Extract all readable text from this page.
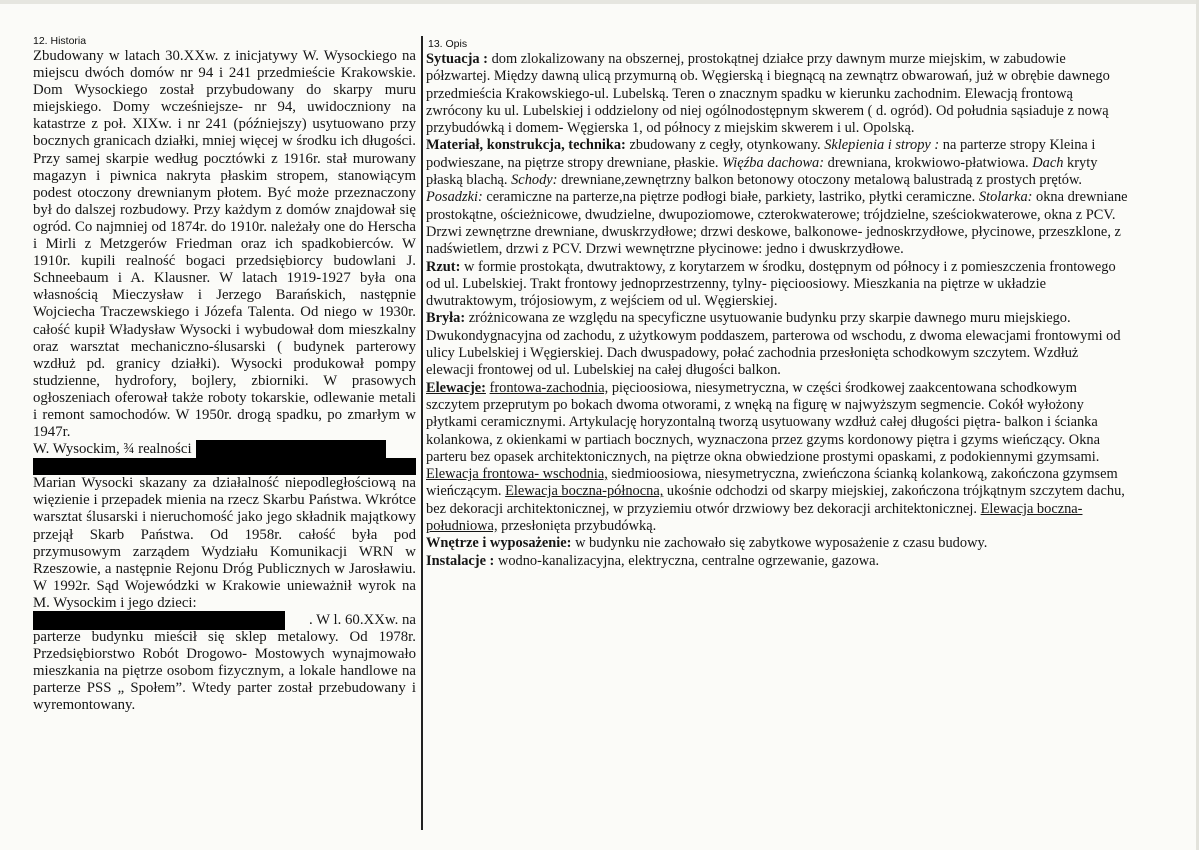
12. Historia	13. Opis

Zbudowany w latach 30.XXw. z inicjatywy W. Wysockiego na miejscu dwóch domów nr 94 i 241 przedmieście Krakowskie. Dom Wysockiego został przybudowany do skarpy muru miejskiego. Domy wcześniejsze- nr 94, uwidoczniony na katastrze z poł. XIXw. i nr 241 (późniejszy) usytuowano przy bocznych granicach działki, mniej więcej w środku ich długości. Przy samej skarpie według pocztówki z 1916r. stał murowany magazyn i piwnica nakryta płaskim stropem, stanowiącym podest otoczony drewnianym płotem. Być może przeznaczony był do dalszej rozbudowy. Przy każdym z domów znajdował się ogród. Co najmniej od 1874r. do 1910r. należały one do Herscha i Mirli z Metzgerów Friedman oraz ich spadkobierców. W 1910r. kupili realność bogaci przedsiębiorcy budowlani J. Schneebaum i A. Klausner. W latach 1919-1927 była ona własnością Mieczysław i Jerzego Barańskich, następnie Wojciecha Traczewskiego i Józefa Talenta. Od niego w 1930r. całość kupił Władysław Wysocki i wybudował dom mieszkalny oraz warsztat mechaniczno-ślusarski ( budynek parterowy wzdłuż pd. granicy działki). Wysocki produkował pompy studzienne, hydrofory, bojlery, zbiorniki. W prasowych ogłoszeniach oferował także roboty tokarskie, odlewanie metali i remont samochodów. W 1950r. drogą spadku, po zmarłym w 1947r.

W. Wysockim, ¾ realności

Marian Wysocki skazany za działalność niepodległościową na więzienie i przepadek mienia na rzecz Skarbu Państwa. Wkrótce warsztat ślusarski i nieruchomość jako jego składnik majątkowy przejął Skarb Państwa. Od 1958r. całość była pod przymusowym zarządem Wydziału Komunikacji WRN w Rzeszowie, a następnie Rejonu Dróg Publicznych w Jarosławiu. W 1992r. Sąd Wojewódzki w Krakowie unieważnił wyrok na M. Wysockim i jego dzieci:

. W l. 60.XXw. na

parterze budynku mieścił się sklep metalowy. Od 1978r. Przedsiębiorstwo Robót Drogowo- Mostowych wynajmowało mieszkania na piętrze osobom fizycznym, a lokale handlowe na parterze PSS „ Społem”. Wtedy parter został przebudowany i wyremontowany.

Sytuacja : dom zlokalizowany na obszernej, prostokątnej działce przy dawnym murze miejskim, w zabudowie półzwartej. Między dawną ulicą przymurną ob. Węgierską i biegnącą na zewnątrz obwarowań, już w obrębie dawnego przedmieścia Krakowskiego-ul. Lubelską. Teren o znacznym spadku w kierunku zachodnim. Elewacją frontową zwrócony ku ul. Lubelskiej i oddzielony od niej ogólnodostępnym skwerem ( d. ogród). Od południa sąsiaduje z nową przybudówką i domem- Węgierska 1, od północy z miejskim skwerem i ul. Opolską.

Materiał, konstrukcja, technika: zbudowany z cegły, otynkowany. Sklepienia i stropy : na parterze stropy Kleina i podwieszane, na piętrze stropy drewniane, płaskie. Więźba dachowa: drewniana, krokwiowo-płatwiowa. Dach kryty płaską blachą. Schody: drewniane,zewnętrzny balkon betonowy otoczony metalową balustradą z prostych prętów. Posadzki: ceramiczne na parterze,na piętrze podłogi białe, parkiety, lastriko, płytki ceramiczne. Stolarka: okna drewniane prostokątne, ościeżnicowe, dwudzielne, dwupoziomowe, czterokwaterowe; trójdzielne, sześciokwaterowe, okna z PCV. Drzwi zewnętrzne drewniane, dwuskrzydłowe; drzwi deskowe, balkonowe- jednoskrzydłowe, płycinowe, przeszklone, z nadświetlem, drzwi z PCV. Drzwi wewnętrzne płycinowe: jedno i dwuskrzydłowe.

Rzut: w formie prostokąta, dwutraktowy, z korytarzem w środku, dostępnym od północy i z pomieszczenia frontowego od ul. Lubelskiej. Trakt frontowy jednoprzestrzenny, tylny- pięcioosiowy. Mieszkania na piętrze w układzie dwutraktowym, trójosiowym, z wejściem od ul. Węgierskiej.

Bryła: zróżnicowana ze względu na specyficzne usytuowanie budynku przy skarpie dawnego muru miejskiego. Dwukondygnacyjna od zachodu, z użytkowym poddaszem, parterowa od wschodu, z dwoma elewacjami frontowymi od ulicy Lubelskiej i Węgierskiej. Dach dwuspadowy, połać zachodnia przesłonięta schodkowym szczytem. Wzdłuż elewacji frontowej od ul. Lubelskiej na całej długości balkon.

Elewacje: frontowa-zachodnia, pięcioosiowa, niesymetryczna, w części środkowej zaakcentowana schodkowym szczytem przeprutym po bokach dwoma otworami, z wnęką na figurę w najwyższym segmencie. Cokół wyłożony płytkami ceramicznymi. Artykulację horyzontalną tworzą usytuowany wzdłuż całej długości piętra- balkon i ścianka kolankowa, z okienkami w partiach bocznych, wyznaczona przez gzyms kordonowy piętra i gzyms wieńczący. Okna parteru bez opasek architektonicznych, na piętrze okna obwiedzione prostymi opaskami, z podokiennymi gzymsami. Elewacja frontowa- wschodnia, siedmioosiowa, niesymetryczna, zwieńczona ścianką kolankową, zakończona gzymsem wieńczącym. Elewacja boczna-północna, ukośnie odchodzi od skarpy miejskiej, zakończona trójkątnym szczytem dachu, bez dekoracji architektonicznej, w przyziemiu otwór drzwiowy bez dekoracji architektonicznej. Elewacja boczna-południowa, przesłonięta przybudówką.

Wnętrze i wyposażenie: w budynku nie zachowało się zabytkowe wyposażenie z czasu budowy.

Instalacje : wodno-kanalizacyjna, elektryczna, centralne ogrzewanie, gazowa.
